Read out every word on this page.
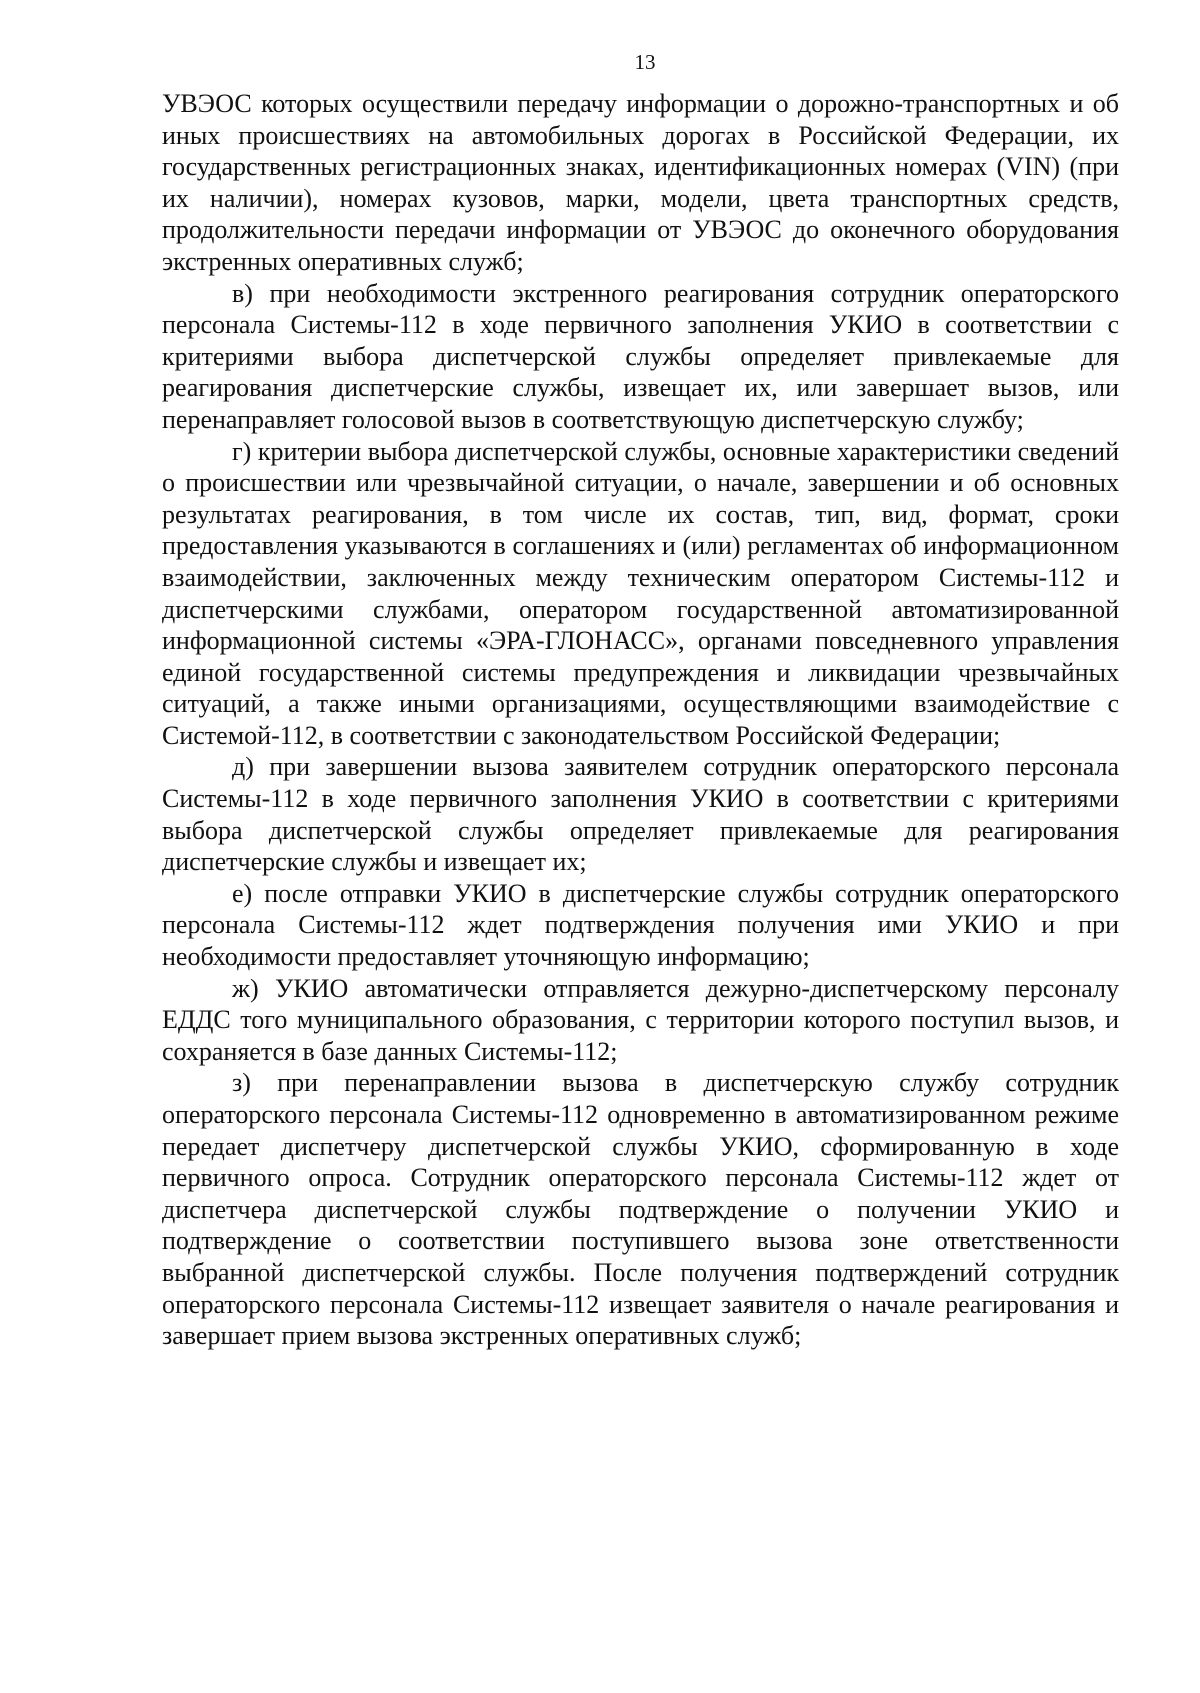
13

УВЭОС которых осуществили передачу информации о дорожно-транспортных и об иных происшествиях на автомобильных дорогах в Российской Федерации, их государственных регистрационных знаках, идентификационных номерах (VIN) (при их наличии), номерах кузовов, марки, модели, цвета транспортных средств, продолжительности передачи информации от УВЭОС до оконечного оборудования экстренных оперативных служб;

в) при необходимости экстренного реагирования сотрудник операторского персонала Системы-112 в ходе первичного заполнения УКИО в соответствии с критериями выбора диспетчерской службы определяет привлекаемые для реагирования диспетчерские службы, извещает их, или завершает вызов, или перенаправляет голосовой вызов в соответствующую диспетчерскую службу;

г) критерии выбора диспетчерской службы, основные характеристики сведений о происшествии или чрезвычайной ситуации, о начале, завершении и об основных результатах реагирования, в том числе их состав, тип, вид, формат, сроки предоставления указываются в соглашениях и (или) регламентах об информационном взаимодействии, заключенных между техническим оператором Системы-112 и диспетчерскими службами, оператором государственной автоматизированной информационной системы «ЭРА-ГЛОНАСС», органами повседневного управления единой государственной системы предупреждения и ликвидации чрезвычайных ситуаций, а также иными организациями, осуществляющими взаимодействие с Системой-112, в соответствии с законодательством Российской Федерации;

д) при завершении вызова заявителем сотрудник операторского персонала Системы-112 в ходе первичного заполнения УКИО в соответствии с критериями выбора диспетчерской службы определяет привлекаемые для реагирования диспетчерские службы и извещает их;

е) после отправки УКИО в диспетчерские службы сотрудник операторского персонала Системы-112 ждет подтверждения получения ими УКИО и при необходимости предоставляет уточняющую информацию;

ж) УКИО автоматически отправляется дежурно-диспетчерскому персоналу ЕДДС того муниципального образования, с территории которого поступил вызов, и сохраняется в базе данных Системы-112;

з) при перенаправлении вызова в диспетчерскую службу сотрудник операторского персонала Системы-112 одновременно в автоматизированном режиме передает диспетчеру диспетчерской службы УКИО, сформированную в ходе первичного опроса. Сотрудник операторского персонала Системы-112 ждет от диспетчера диспетчерской службы подтверждение о получении УКИО и подтверждение о соответствии поступившего вызова зоне ответственности выбранной диспетчерской службы. После получения подтверждений сотрудник операторского персонала Системы-112 извещает заявителя о начале реагирования и завершает прием вызова экстренных оперативных служб;
